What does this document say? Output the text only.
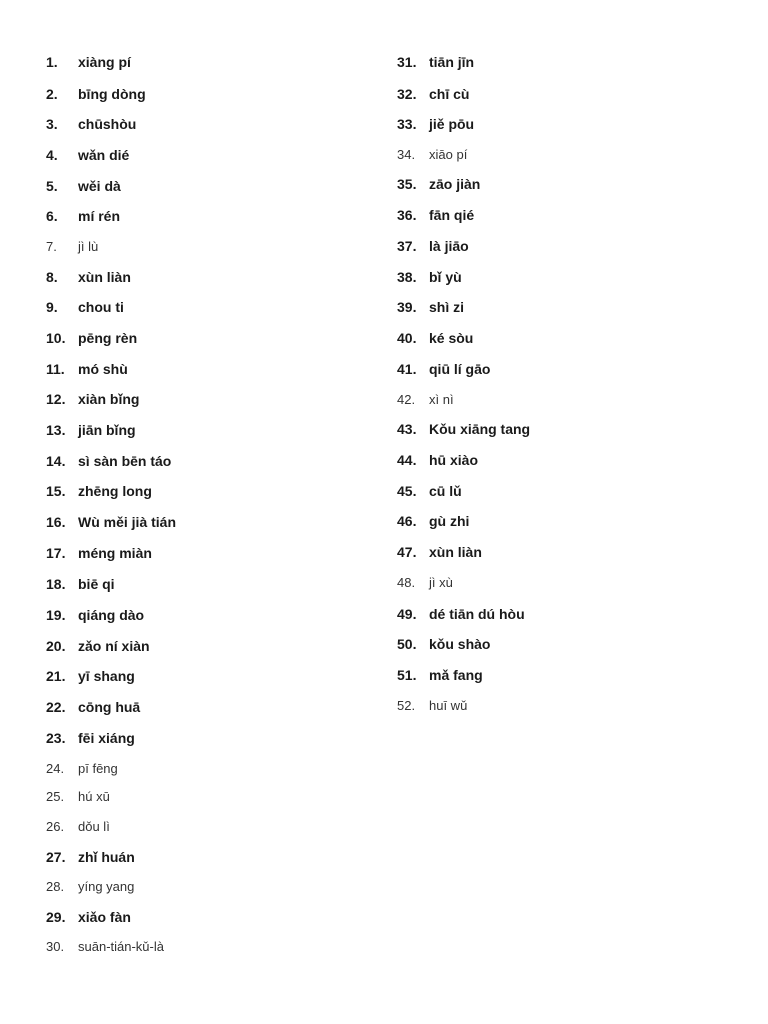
1. xiàng pí
2. bīng dòng
3. chūshòu
4. wǎn dié
5. wěi dà
6. mí rén
7. jì lù
8. xùn liàn
9. chou ti
10. pēng rèn
11. mó shù
12. xiàn bǐng
13. jiān bǐng
14. sì sàn bēn táo
15. zhēng long
16. Wù měi jià tián
17. méng miàn
18. biē qi
19. qiáng dào
20. zǎo ní xiàn
21. yī shang
22. cōng huā
23. fēi xiáng
24. pī fēng
25. hú xū
26. dǒu lì
27. zhǐ huán
28. yíng yang
29. xiǎo fàn
30. suān-tián-kǔ-là
31. tiān jīn
32. chī cù
33. jiě pōu
34. xiāo pí
35. zāo jiàn
36. fān qié
37. là jiāo
38. bǐ yù
39. shì zi
40. ké sòu
41. qiū lí gāo
42. xì nì
43. Kǒu xiāng tang
44. hū xiào
45. cū lǔ
46. gù zhi
47. xùn liàn
48. jì xù
49. dé tiān dú hòu
50. kǒu shào
51. mǎ fang
52. huī wǔ
